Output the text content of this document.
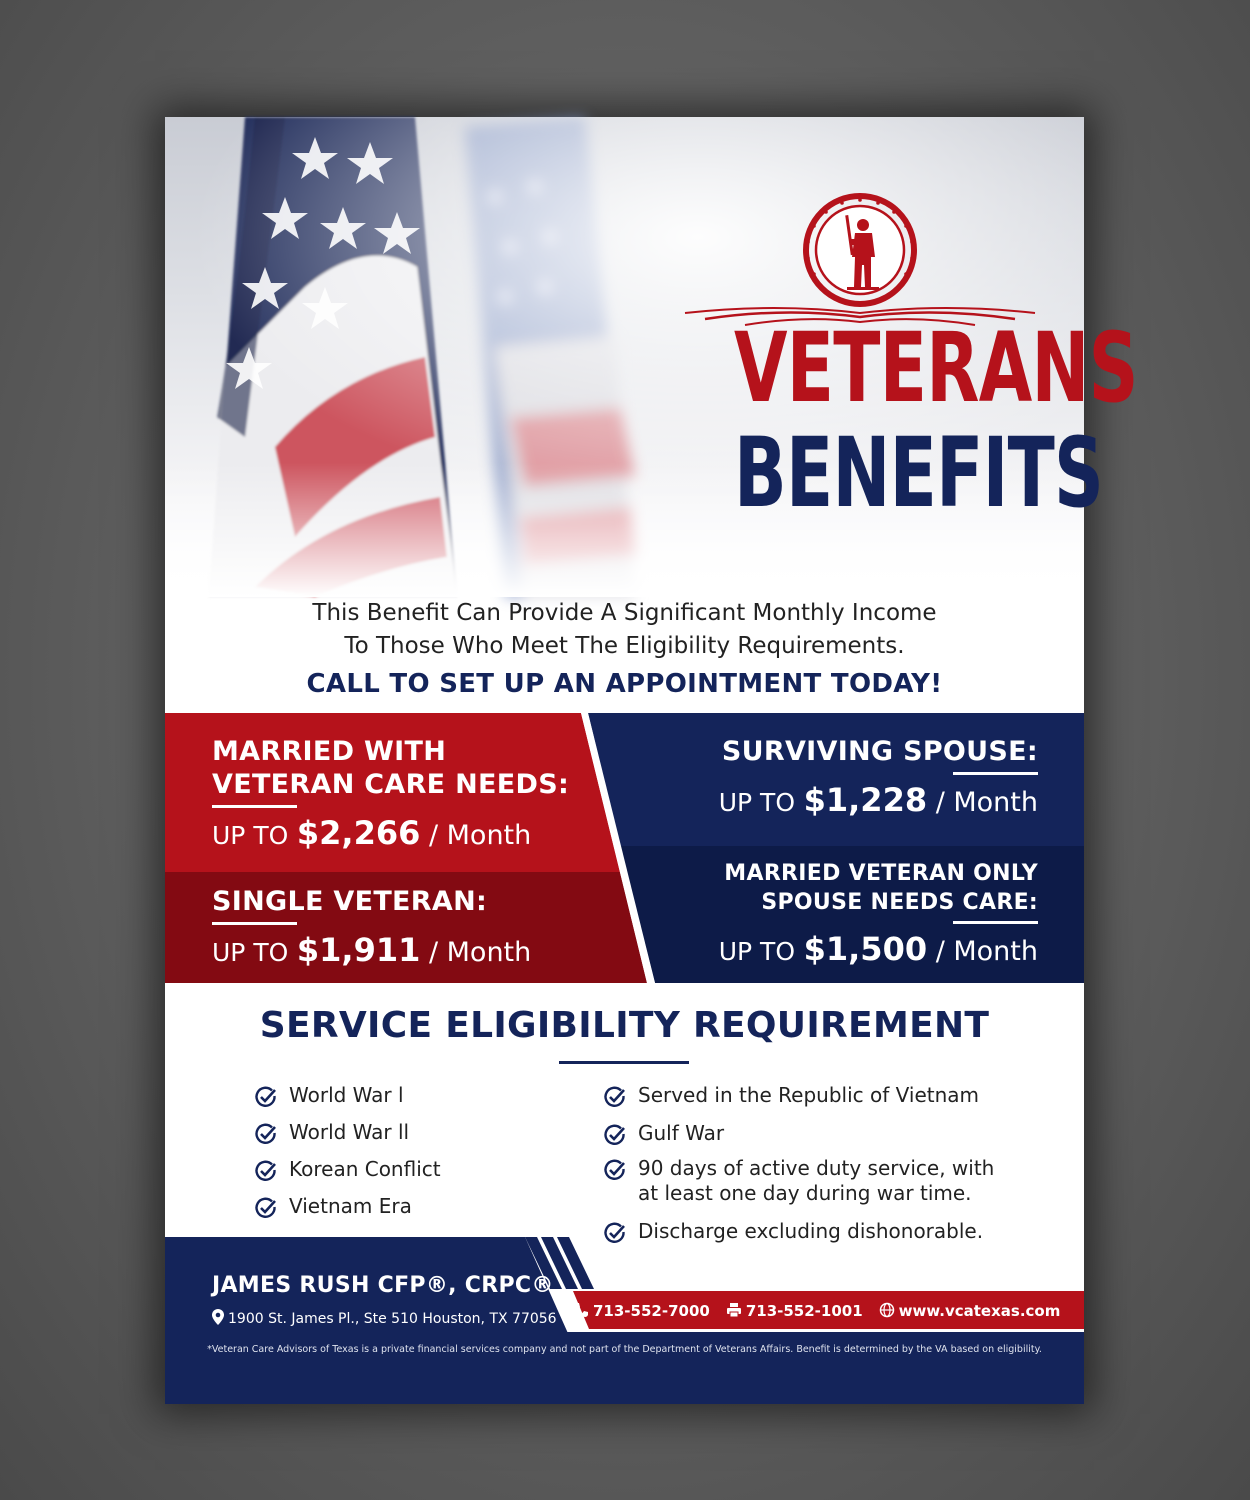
VETERANS
BENEFITS
This Benefit Can Provide A Significant Monthly Income
To Those Who Meet The Eligibility Requirements.
CALL TO SET UP AN APPOINTMENT TODAY!
MARRIED WITH
VETERAN CARE NEEDS:
UP TO $2,266 / Month
SINGLE VETERAN:
UP TO $1,911 / Month
SURVIVING SPOUSE:
UP TO $1,228 / Month
MARRIED VETERAN ONLY
SPOUSE NEEDS CARE:
UP TO $1,500 / Month
SERVICE ELIGIBILITY REQUIREMENT
World War l
World War ll
Korean Conflict
Vietnam Era
Served in the Republic of Vietnam
Gulf War
90 days of active duty service, with
at least one day during war time.
Discharge excluding dishonorable.
JAMES RUSH CFP®, CRPC®
1900 St. James Pl., Ste 510 Houston, TX 77056	713-552-7000	713-552-1001	www.vcatexas.com
*Veteran Care Advisors of Texas is a private financial services company and not part of the Department of Veterans Affairs. Benefit is determined by the VA based on eligibility.
